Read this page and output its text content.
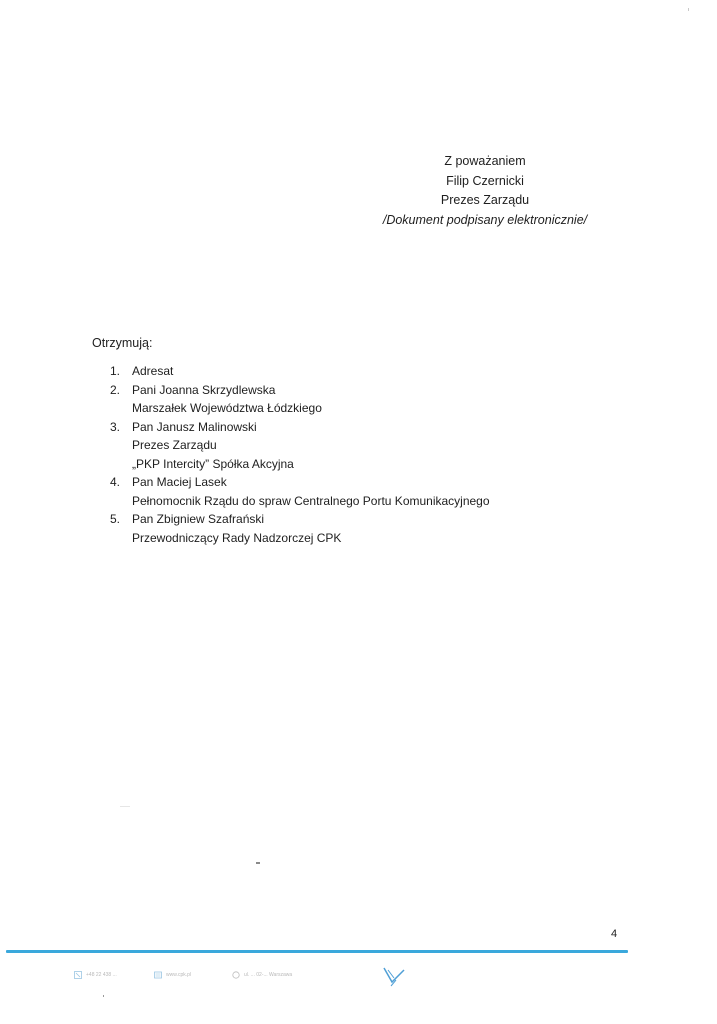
Z poważaniem
Filip Czernicki
Prezes Zarządu
/Dokument podpisany elektronicznie/
Otrzymują:
1. Adresat
2. Pani Joanna Skrzydlewska
Marszałek Województwa Łódzkiego
3. Pan Janusz Malinowski
Prezes Zarządu
„PKP Intercity” Spółka Akcyjna
4. Pan Maciej Lasek
Pełnomocnik Rządu do spraw Centralnego Portu Komunikacyjnego
5. Pan Zbigniew Szafrański
Przewodniczący Rady Nadzorczej CPK
4
+48 22 438 ...	www.cpk.pl	ul. ... 02-... Warszawa
